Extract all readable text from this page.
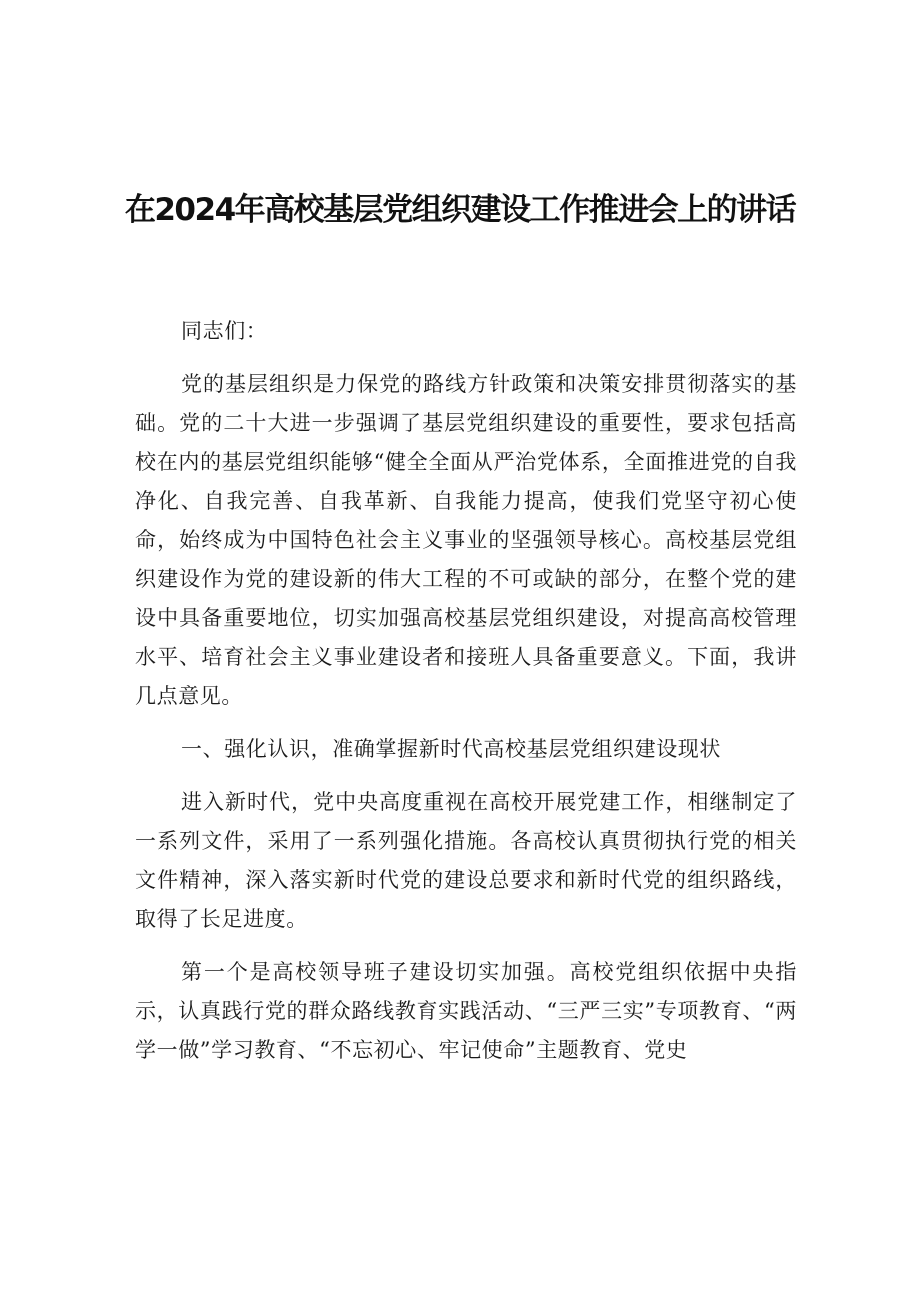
在2024年高校基层党组织建设工作推进会上的讲话

同志们：

党的基层组织是力保党的路线方针政策和决策安排贯彻落实的基础。党的二十大进一步强调了基层党组织建设的重要性，要求包括高校在内的基层党组织能够“健全全面从严治党体系，全面推进党的自我净化、自我完善、自我革新、自我能力提高，使我们党坚守初心使命，始终成为中国特色社会主义事业的坚强领导核心。高校基层党组织建设作为党的建设新的伟大工程的不可或缺的部分，在整个党的建设中具备重要地位，切实加强高校基层党组织建设，对提高高校管理水平、培育社会主义事业建设者和接班人具备重要意义。下面，我讲几点意见。

一、强化认识，准确掌握新时代高校基层党组织建设现状

进入新时代，党中央高度重视在高校开展党建工作，相继制定了一系列文件，采用了一系列强化措施。各高校认真贯彻执行党的相关文件精神，深入落实新时代党的建设总要求和新时代党的组织路线，取得了长足进度。

第一个是高校领导班子建设切实加强。高校党组织依据中央指示，认真践行党的群众路线教育实践活动、“三严三实”专项教育、“两学一做”学习教育、“不忘初心、牢记使命”主题教育、党史
